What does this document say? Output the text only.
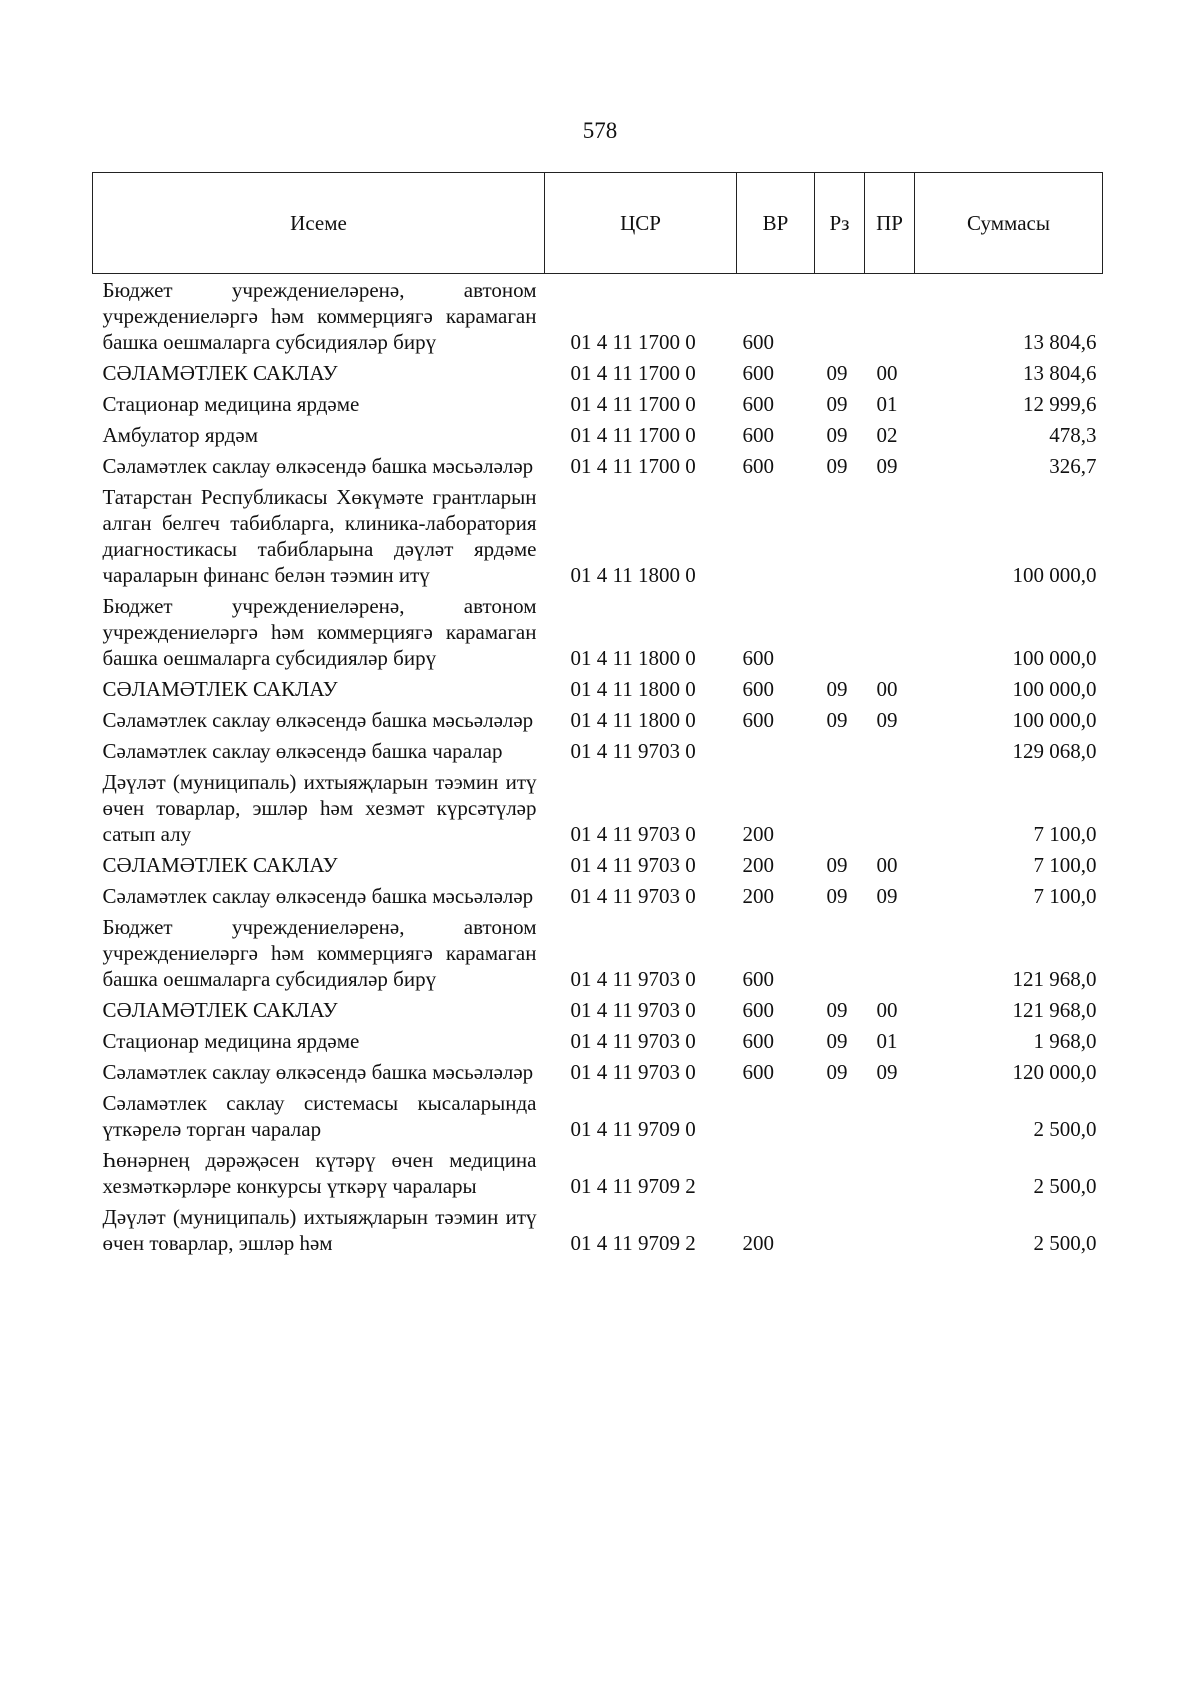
578
Исеме	ЦСР	ВР	Рз	ПР	Суммасы
Бюджет учреждениеләренә, автоном учреждениеләргә һәм коммерциягә карамаган башка оешмаларга субсидияләр бирү	01 4 11 1700 0	600			13 804,6
СӘЛАМӘТЛЕК САКЛАУ	01 4 11 1700 0	600	09	00	13 804,6
Стационар медицина ярдәме	01 4 11 1700 0	600	09	01	12 999,6
Амбулатор ярдәм	01 4 11 1700 0	600	09	02	478,3
Сәламәтлек саклау өлкәсендә башка мәсьәләләр	01 4 11 1700 0	600	09	09	326,7
Татарстан Республикасы Хөкүмәте грантларын алган белгеч табибларга, клиника-лаборатория диагностикасы табибларына дәүләт ярдәме чараларын финанс белән тәэмин итү	01 4 11 1800 0				100 000,0
Бюджет учреждениеләренә, автоном учреждениеләргә һәм коммерциягә карамаган башка оешмаларга субсидияләр бирү	01 4 11 1800 0	600			100 000,0
СӘЛАМӘТЛЕК САКЛАУ	01 4 11 1800 0	600	09	00	100 000,0
Сәламәтлек саклау өлкәсендә башка мәсьәләләр	01 4 11 1800 0	600	09	09	100 000,0
Сәламәтлек саклау өлкәсендә башка чаралар	01 4 11 9703 0				129 068,0
Дәүләт (муниципаль) ихтыяҗларын тәэмин итү өчен товарлар, эшләр һәм хезмәт күрсәтүләр сатып алу	01 4 11 9703 0	200			7 100,0
СӘЛАМӘТЛЕК САКЛАУ	01 4 11 9703 0	200	09	00	7 100,0
Сәламәтлек саклау өлкәсендә башка мәсьәләләр	01 4 11 9703 0	200	09	09	7 100,0
Бюджет учреждениеләренә, автоном учреждениеләргә һәм коммерциягә карамаган башка оешмаларга субсидияләр бирү	01 4 11 9703 0	600			121 968,0
СӘЛАМӘТЛЕК САКЛАУ	01 4 11 9703 0	600	09	00	121 968,0
Стационар медицина ярдәме	01 4 11 9703 0	600	09	01	1 968,0
Сәламәтлек саклау өлкәсендә башка мәсьәләләр	01 4 11 9703 0	600	09	09	120 000,0
Сәламәтлек саклау системасы кысаларында үткәрелә торган чаралар	01 4 11 9709 0				2 500,0
Һөнәрнең дәрәҗәсен күтәрү өчен медицина хезмәткәрләре конкурсы үткәрү чаралары	01 4 11 9709 2				2 500,0
Дәүләт (муниципаль) ихтыяҗларын тәэмин итү өчен товарлар, эшләр һәм	01 4 11 9709 2	200			2 500,0
